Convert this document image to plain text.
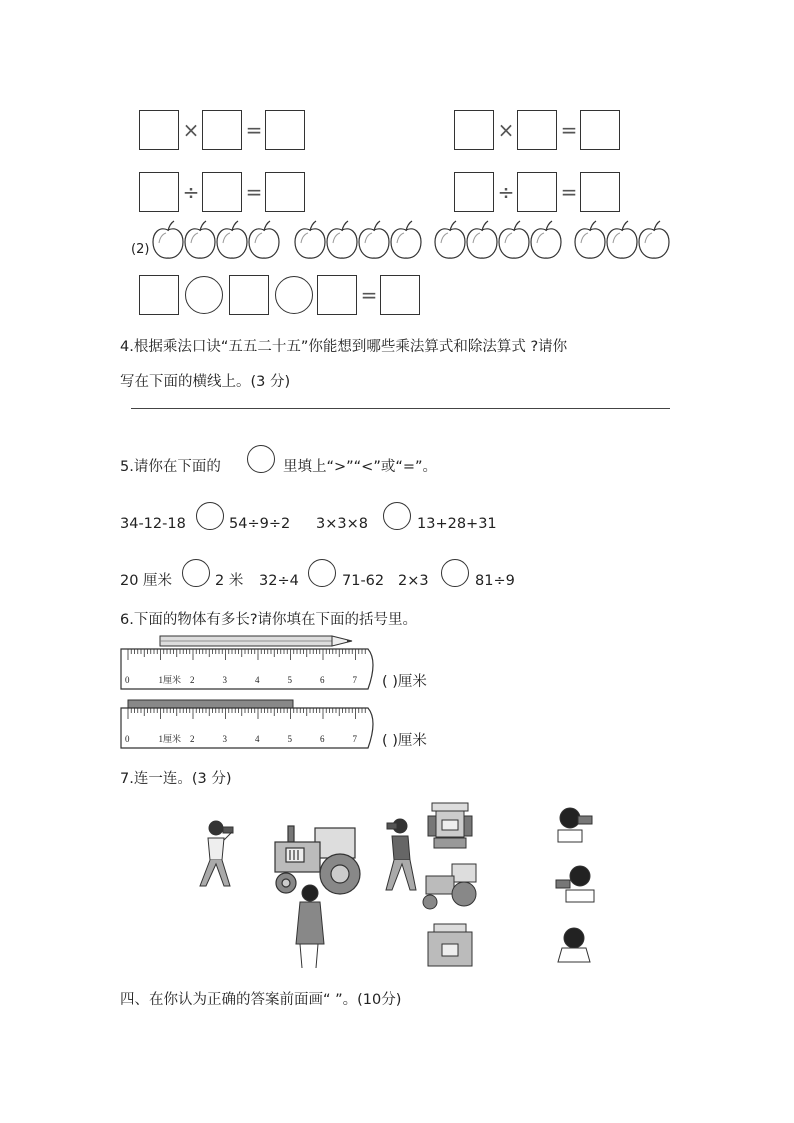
× =	× =
÷ =	÷ =
(2)
=
4.根据乘法口诀“五五二十五”你能想到哪些乘法算式和除法算式 ?请你
写在下面的横线上。(3 分)
5.请你在下面的	里填上“>”“<”或“=”。
34-12-18	54÷9÷2 3×3×8	13+28+31
20 厘米	2 米 32÷4	71-62 2×3	81÷9
6.下面的物体有多长?请你填在下面的括号里。
0	1厘米 2	3	4	5	6	7 ( )厘米
0	1厘米 2	3	4	5	6	7 ( )厘米
7.连一连。(3 分)
四、在你认为正确的答案前面画“ ”。(10分)
